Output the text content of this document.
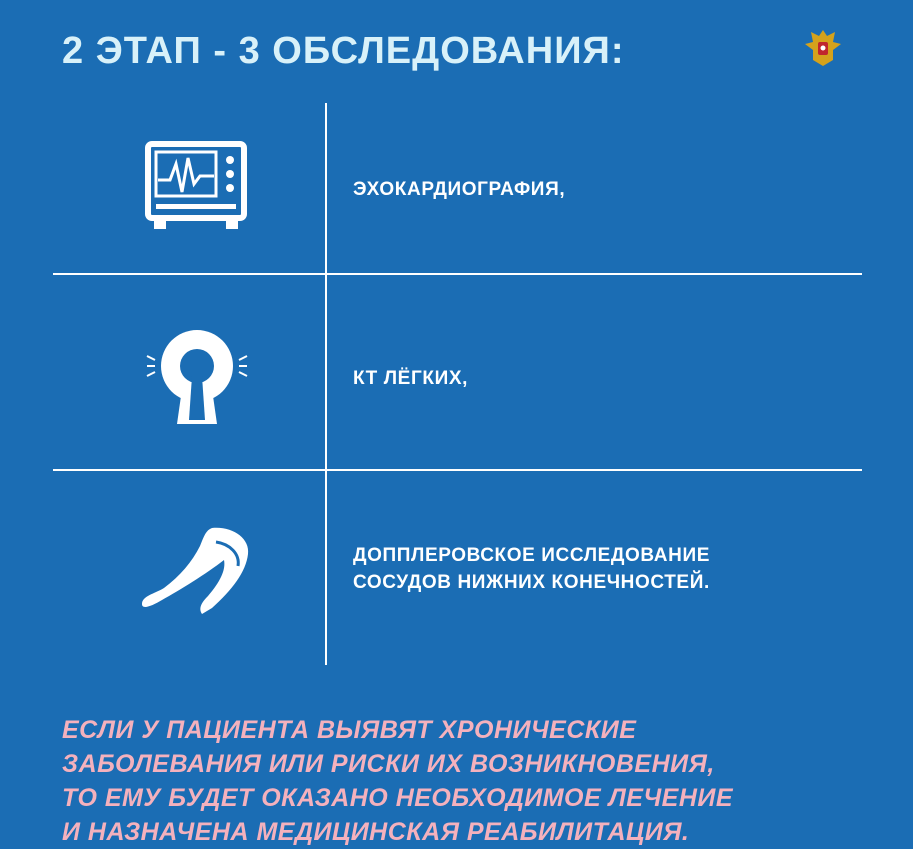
2 ЭТАП - 3 ОБСЛЕДОВАНИЯ:
ЭХОКАРДИОГРАФИЯ,
КТ ЛЁГКИХ,
ДОППЛЕРОВСКОЕ ИССЛЕДОВАНИЕ
СОСУДОВ НИЖНИХ КОНЕЧНОСТЕЙ.
ЕСЛИ У ПАЦИЕНТА ВЫЯВЯТ ХРОНИЧЕСКИЕ
ЗАБОЛЕВАНИЯ ИЛИ РИСКИ ИХ ВОЗНИКНОВЕНИЯ,
ТО ЕМУ БУДЕТ ОКАЗАНО НЕОБХОДИМОЕ ЛЕЧЕНИЕ
И НАЗНАЧЕНА МЕДИЦИНСКАЯ РЕАБИЛИТАЦИЯ.
